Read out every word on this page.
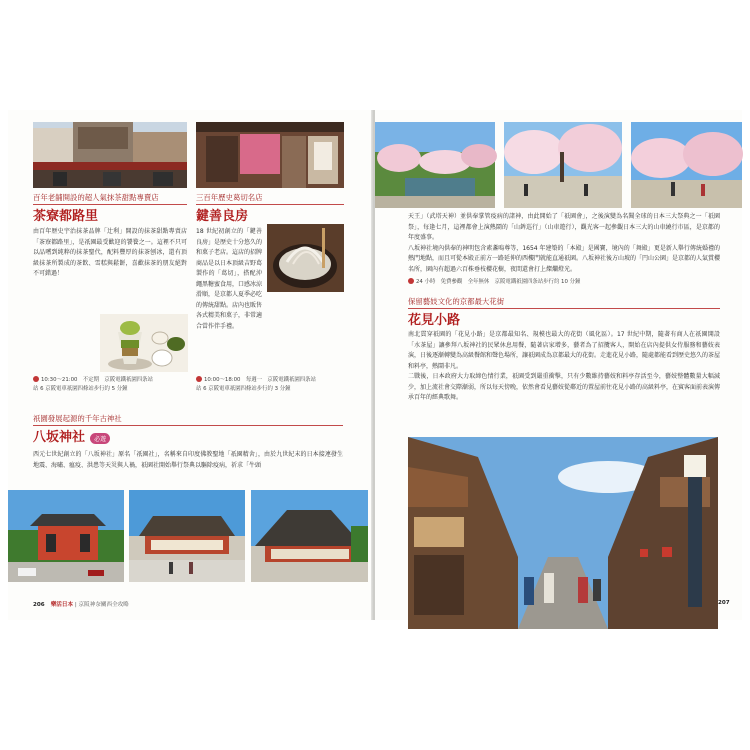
百年老舖開設的超人氣抹茶甜點專賣店
茶寮都路里
由百年歷史宇治抹茶品牌「辻利」開設的抹茶甜點專賣店「茶寮都路里」，是祇園最受歡迎的饕餮之一。這裡不只可以品嚐到純粹的抹茶聖代，配料豐厚的抹茶刨冰，還有頂級抹茶所製成的茶飲、雪糕與鬆餅，喜歡抹茶的朋友絕對不可錯過！
10:30～21:00　不定期　京阪電鐵祇園四条站
站 6 京阪電車祇園四條站步行約 5 分鐘
三百年歷史葛切名店
鍵善良房
18 世紀初創立的「鍵善良房」是歷史十分悠久的和菓子老店。這店的招牌商品是以日本頂級吉野葛製作的「葛切」，搭配沖繩黑糖蜜食用，口感冰涼滑順，是京都人夏季必吃的傳統甜點。店內也販售各式精美和菓子，非常適合當作伴手禮。
10:00～18:00　每週一　京阪電鐵祇園四条站
站 6 京阪電車祇園四條站步行約 3 分鐘
祇園發展起源的千年古神社
八坂神社 必遊
西元七世紀創立的「八坂神社」原名「祇園社」，名稱來自印度佛教聖地「祇園精舍」，由於九世紀末的日本接連發生地震、海嘯、瘟疫、洪患等天災與人禍，祇園社開始舉行祭典以驅除疫病，祈求「牛頭
206 樂活日本 | 京阪神奈關西全攻略
天王」（武塔天神）並供奉掌管疫病的諸神，由此開始了「祇園會」，之後演變為名聞全球的日本三大祭典之一「祇園祭」，每逢七月，這裡都會上演熱鬧的「山鉾巡行」（山車遊行），觀光客一起參觀日本三大的山車繞行市區，是京都的年度盛事。
八坂神社境內供奉的神明包含素盞嗚尊等，1654 年建築的「本殿」是國寶，境內的「舞殿」更是新人舉行傳統婚禮的熱門地點，而且可從本殿正前方一路延伸的西樓門就能直通祇園。八坂神社後方山坡的「円山公園」是京都的人氣賞櫻名所，園內有超過六百株垂枝櫻花樹，夜間還會打上燦爛燈光。
24 小時　免費參觀　全年無休　京阪電鐵祇園四条站步行約 10 分鐘
保留藝妓文化的京都最大花街
花見小路
南北貫穿祇園的「花見小路」是京都最知名、規模也最大的花街（風化區）。17 世紀中期，隨著有商人在祇園開設「水茶屋」讓參拜八坂神社的民眾休息用餐，隨著店家增多，藝者為了招攬客人，開始在店內提供女侍服務和藝妓表演，日後逐漸轉變為高級餐館和聲色場所，讓祇園成為京都最大的花街。走進花見小路，隨處都能看到歷史悠久的茶屋和料亭，熱鬧非凡。
二戰後，日本政府大力取締色情行業，祇園受到嚴重衝擊，只有少數維持藝妓和料亭存活至今，藝妓整體數量大幅減少，加上流社會交際漸弱，所以每天傍晚，依然會看見藝妓從鄰近的置屋前往花見小路的高級料亭，在賓客面前表演傳承百年的經典歌舞。
207
